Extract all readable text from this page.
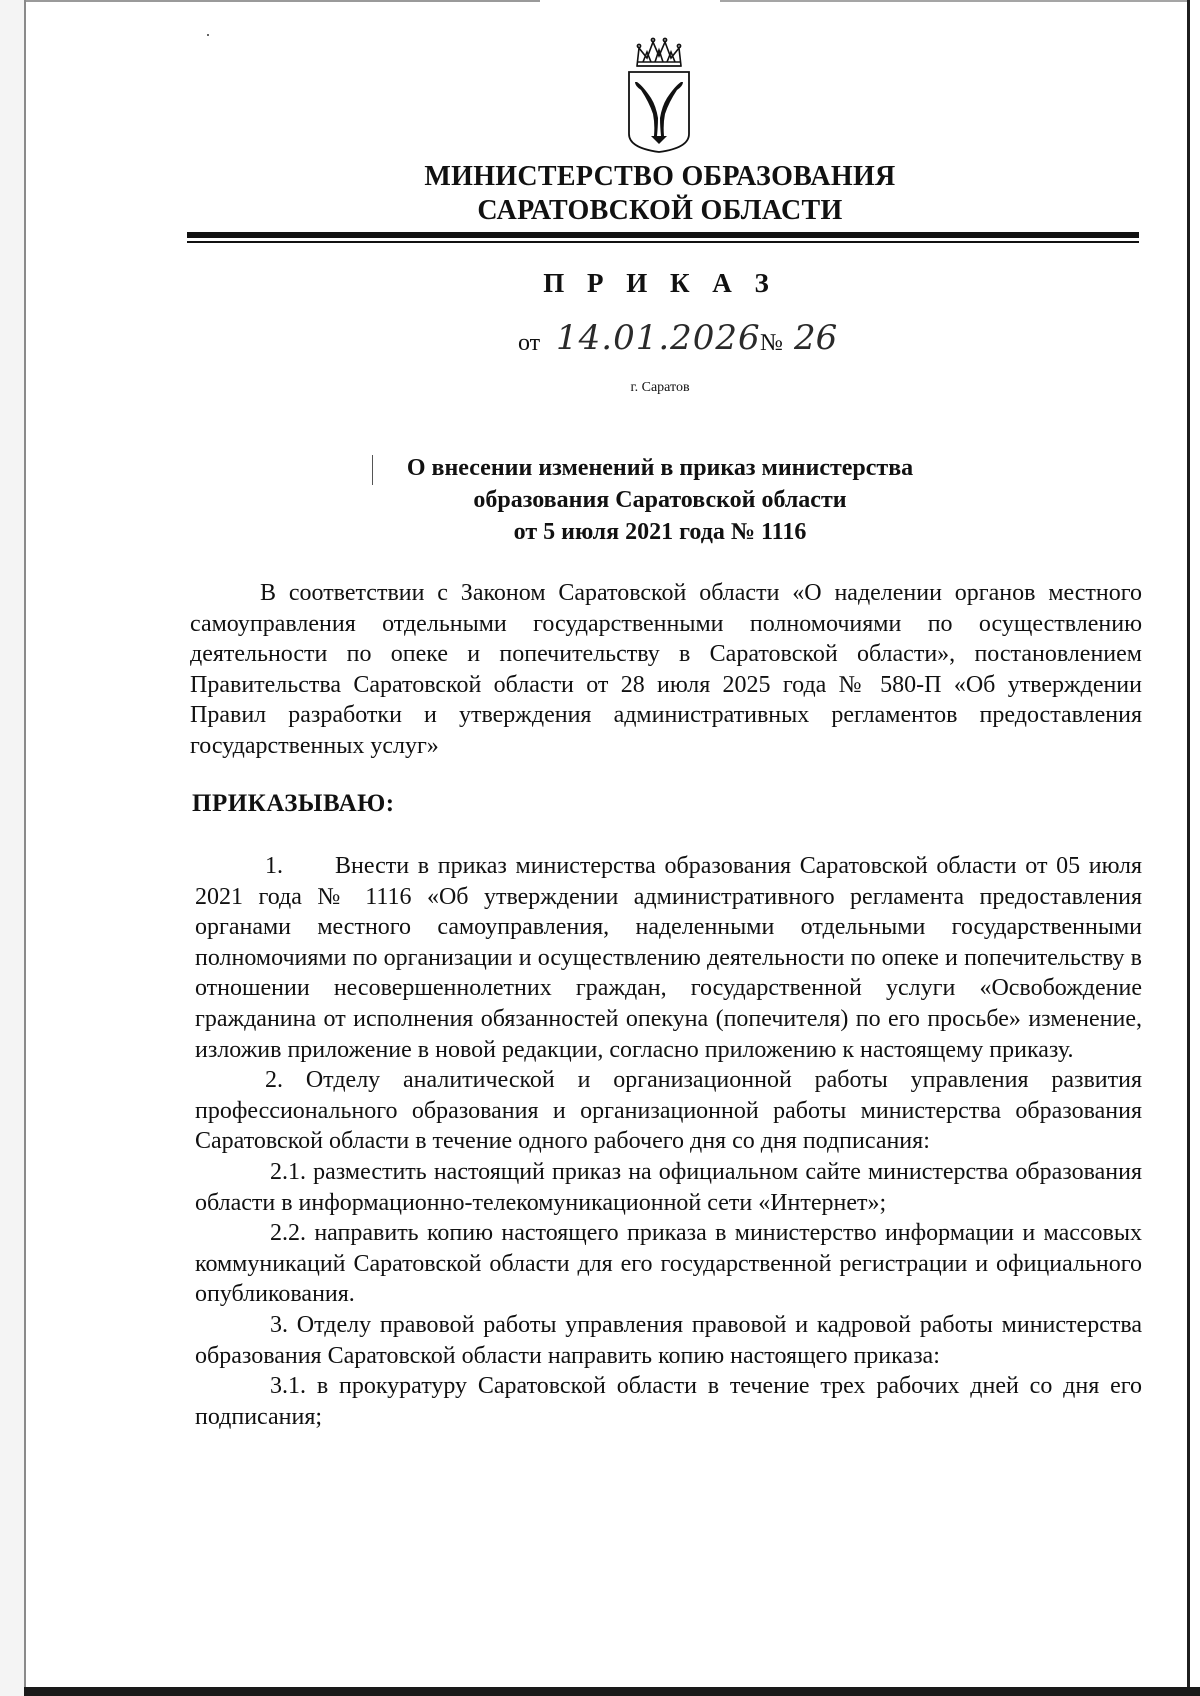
МИНИСТЕРСТВО ОБРАЗОВАНИЯ
САРАТОВСКОЙ ОБЛАСТИ
П Р И К А З
от 14.01.2026 № 26
г. Саратов
О внесении изменений в приказ министерства
образования Саратовской области
от 5 июля 2021 года № 1116

В соответствии с Законом Саратовской области «О наделении органов местного самоуправления отдельными государственными полномочиями по осуществлению деятельности по опеке и попечительству в Саратовской области», постановлением Правительства Саратовской области от 28 июля 2025 года № 580-П «Об утверждении Правил разработки и утверждения административных регламентов предоставления государственных услуг»

ПРИКАЗЫВАЮ:

1.      Внести в приказ министерства образования Саратовской области от 05 июля 2021 года № 1116 «Об утверждении административного регламента предоставления органами местного самоуправления, наделенными отдельными государственными полномочиями по организации и осуществлению деятельности по опеке и попечительству в отношении несовершеннолетних граждан, государственной услуги «Освобождение гражданина от исполнения обязанностей опекуна (попечителя) по его просьбе» изменение, изложив приложение в новой редакции, согласно приложению к настоящему приказу.

2. Отделу аналитической и организационной работы управления развития профессионального образования и организационной работы министерства образования Саратовской области в течение одного рабочего дня со дня подписания:

2.1. разместить настоящий приказ на официальном сайте министерства образования области в информационно-телекомуникационной сети «Интернет»;

2.2. направить копию настоящего приказа в министерство информации и массовых коммуникаций Саратовской области для его государственной регистрации и официального опубликования.

3. Отделу правовой работы управления правовой и кадровой работы министерства образования Саратовской области направить копию настоящего приказа:

3.1. в прокуратуру Саратовской области в течение трех рабочих дней со дня его подписания;
